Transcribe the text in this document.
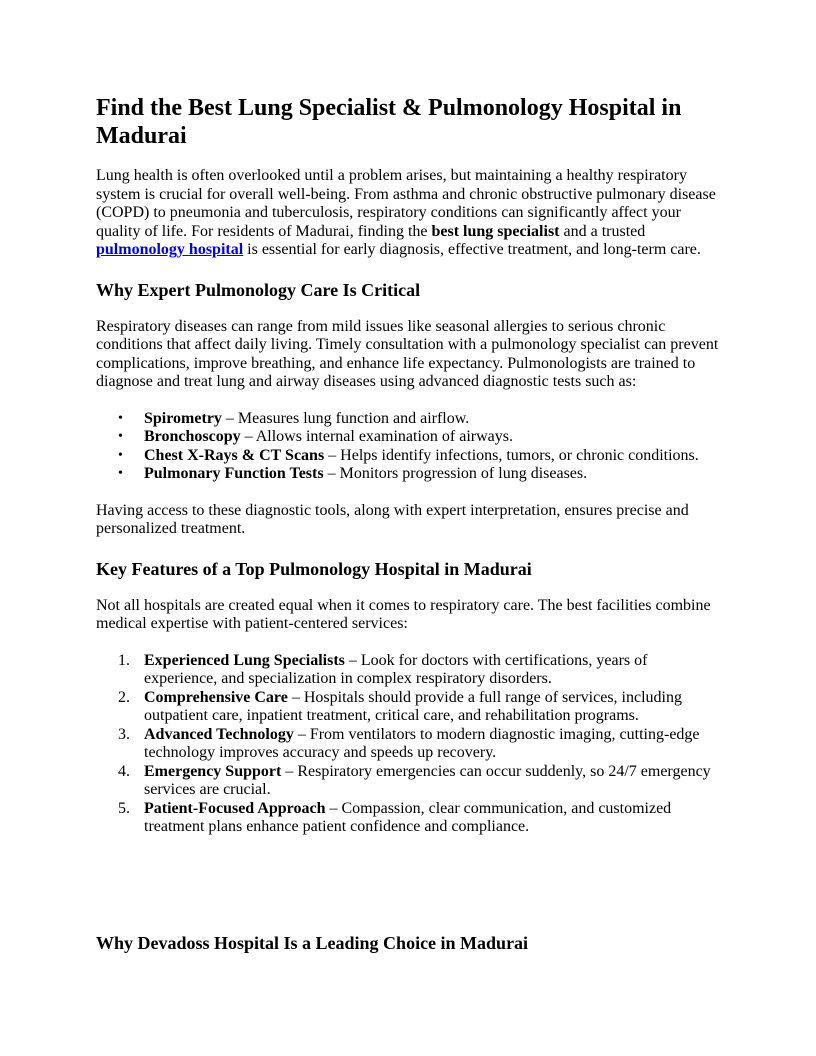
Find the Best Lung Specialist & Pulmonology Hospital in Madurai

Lung health is often overlooked until a problem arises, but maintaining a healthy respiratory system is crucial for overall well-being. From asthma and chronic obstructive pulmonary disease (COPD) to pneumonia and tuberculosis, respiratory conditions can significantly affect your quality of life. For residents of Madurai, finding the best lung specialist and a trusted pulmonology hospital is essential for early diagnosis, effective treatment, and long-term care.

Why Expert Pulmonology Care Is Critical

Respiratory diseases can range from mild issues like seasonal allergies to serious chronic conditions that affect daily living. Timely consultation with a pulmonology specialist can prevent complications, improve breathing, and enhance life expectancy. Pulmonologists are trained to diagnose and treat lung and airway diseases using advanced diagnostic tests such as:

• Spirometry – Measures lung function and airflow.
• Bronchoscopy – Allows internal examination of airways.
• Chest X-Rays & CT Scans – Helps identify infections, tumors, or chronic conditions.
• Pulmonary Function Tests – Monitors progression of lung diseases.

Having access to these diagnostic tools, along with expert interpretation, ensures precise and personalized treatment.

Key Features of a Top Pulmonology Hospital in Madurai

Not all hospitals are created equal when it comes to respiratory care. The best facilities combine medical expertise with patient-centered services:

1. Experienced Lung Specialists – Look for doctors with certifications, years of experience, and specialization in complex respiratory disorders.
2. Comprehensive Care – Hospitals should provide a full range of services, including outpatient care, inpatient treatment, critical care, and rehabilitation programs.
3. Advanced Technology – From ventilators to modern diagnostic imaging, cutting-edge technology improves accuracy and speeds up recovery.
4. Emergency Support – Respiratory emergencies can occur suddenly, so 24/7 emergency services are crucial.
5. Patient-Focused Approach – Compassion, clear communication, and customized treatment plans enhance patient confidence and compliance.
Why Devadoss Hospital Is a Leading Choice in Madurai
